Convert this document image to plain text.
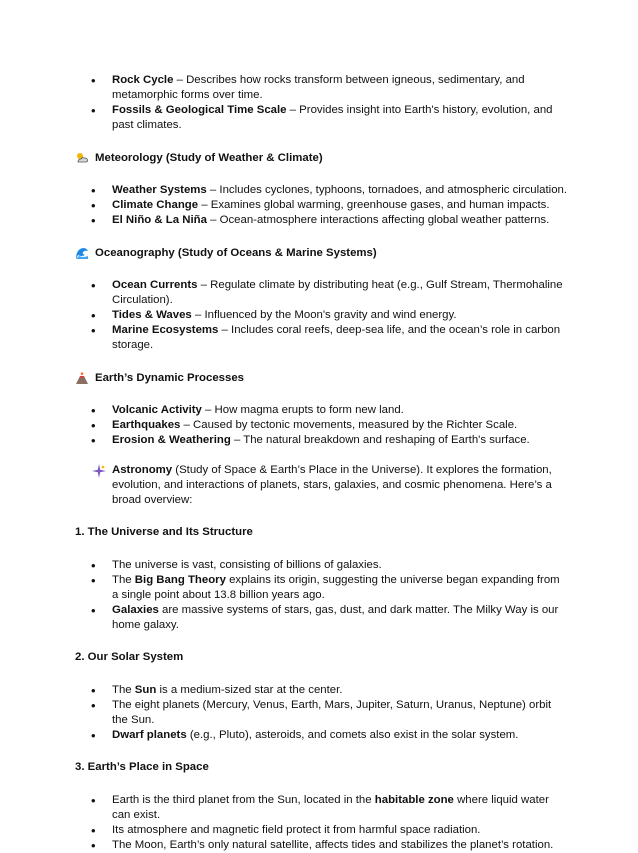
• Rock Cycle – Describes how rocks transform between igneous, sedimentary, and metamorphic forms over time.
• Fossils & Geological Time Scale – Provides insight into Earth's history, evolution, and past climates.
Meteorology (Study of Weather & Climate)
• Weather Systems – Includes cyclones, typhoons, tornadoes, and atmospheric circulation.
• Climate Change – Examines global warming, greenhouse gases, and human impacts.
• El Niño & La Niña – Ocean-atmosphere interactions affecting global weather patterns.
Oceanography (Study of Oceans & Marine Systems)
• Ocean Currents – Regulate climate by distributing heat (e.g., Gulf Stream, Thermohaline Circulation).
• Tides & Waves – Influenced by the Moon's gravity and wind energy.
• Marine Ecosystems – Includes coral reefs, deep-sea life, and the ocean’s role in carbon storage.
Earth’s Dynamic Processes
• Volcanic Activity – How magma erupts to form new land.
• Earthquakes – Caused by tectonic movements, measured by the Richter Scale.
• Erosion & Weathering – The natural breakdown and reshaping of Earth's surface.
Astronomy (Study of Space & Earth’s Place in the Universe). It explores the formation, evolution, and interactions of planets, stars, galaxies, and cosmic phenomena. Here’s a broad overview:
1. The Universe and Its Structure
• The universe is vast, consisting of billions of galaxies.
• The Big Bang Theory explains its origin, suggesting the universe began expanding from a single point about 13.8 billion years ago.
• Galaxies are massive systems of stars, gas, dust, and dark matter. The Milky Way is our home galaxy.
2. Our Solar System
• The Sun is a medium-sized star at the center.
• The eight planets (Mercury, Venus, Earth, Mars, Jupiter, Saturn, Uranus, Neptune) orbit the Sun.
• Dwarf planets (e.g., Pluto), asteroids, and comets also exist in the solar system.
3. Earth’s Place in Space
• Earth is the third planet from the Sun, located in the habitable zone where liquid water can exist.
• Its atmosphere and magnetic field protect it from harmful space radiation.
• The Moon, Earth’s only natural satellite, affects tides and stabilizes the planet’s rotation.
